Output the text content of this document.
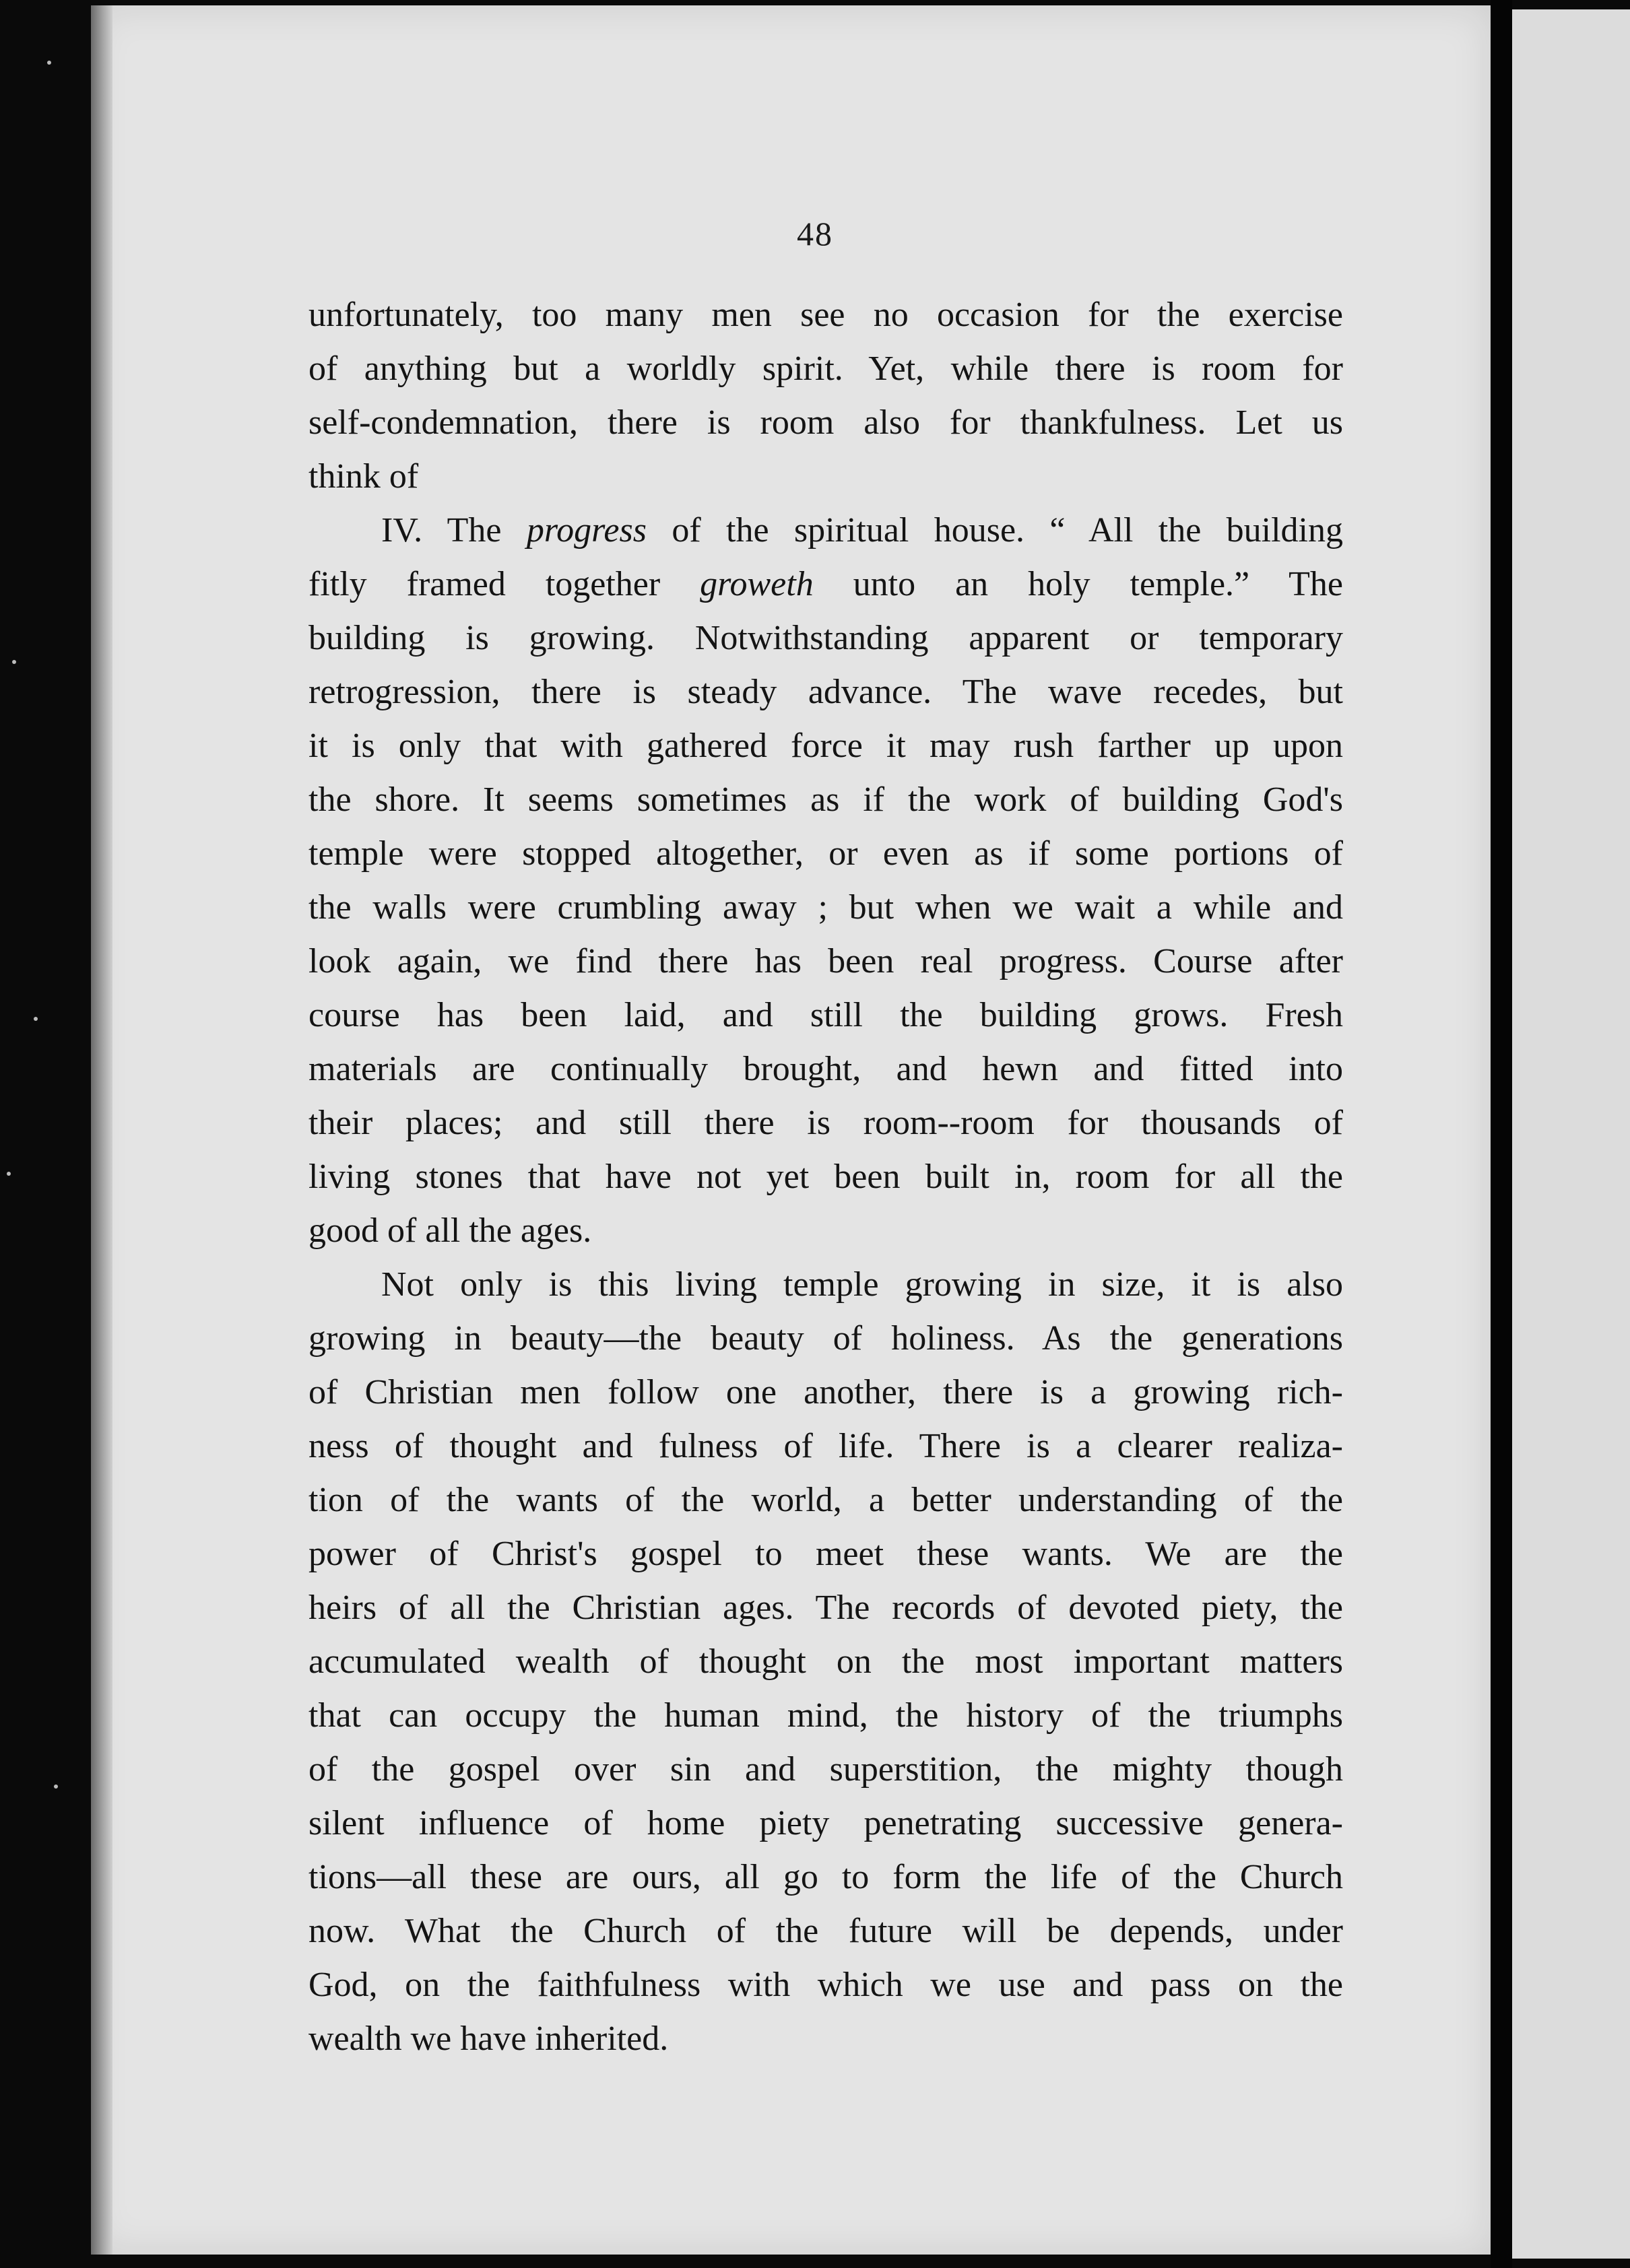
48
unfortunately, too many men see no occasion for the exercise
of anything but a worldly spirit. Yet, while there is room for
self-condemnation, there is room also for thankfulness. Let us
think of
IV. The progress of the spiritual house. “ All the building
fitly framed together groweth unto an holy temple.” The
building is growing. Notwithstanding apparent or temporary
retrogression, there is steady advance. The wave recedes, but
it is only that with gathered force it may rush farther up upon
the shore. It seems sometimes as if the work of building God's
temple were stopped altogether, or even as if some portions of
the walls were crumbling away ; but when we wait a while and
look again, we find there has been real progress. Course after
course has been laid, and still the building grows. Fresh
materials are continually brought, and hewn and fitted into
their places; and still there is room--room for thousands of
living stones that have not yet been built in, room for all the
good of all the ages.
Not only is this living temple growing in size, it is also
growing in beauty—the beauty of holiness. As the generations
of Christian men follow one another, there is a growing rich-
ness of thought and fulness of life. There is a clearer realiza-
tion of the wants of the world, a better understanding of the
power of Christ's gospel to meet these wants. We are the
heirs of all the Christian ages. The records of devoted piety, the
accumulated wealth of thought on the most important matters
that can occupy the human mind, the history of the triumphs
of the gospel over sin and superstition, the mighty though
silent influence of home piety penetrating successive genera-
tions—all these are ours, all go to form the life of the Church
now. What the Church of the future will be depends, under
God, on the faithfulness with which we use and pass on the
wealth we have inherited.
